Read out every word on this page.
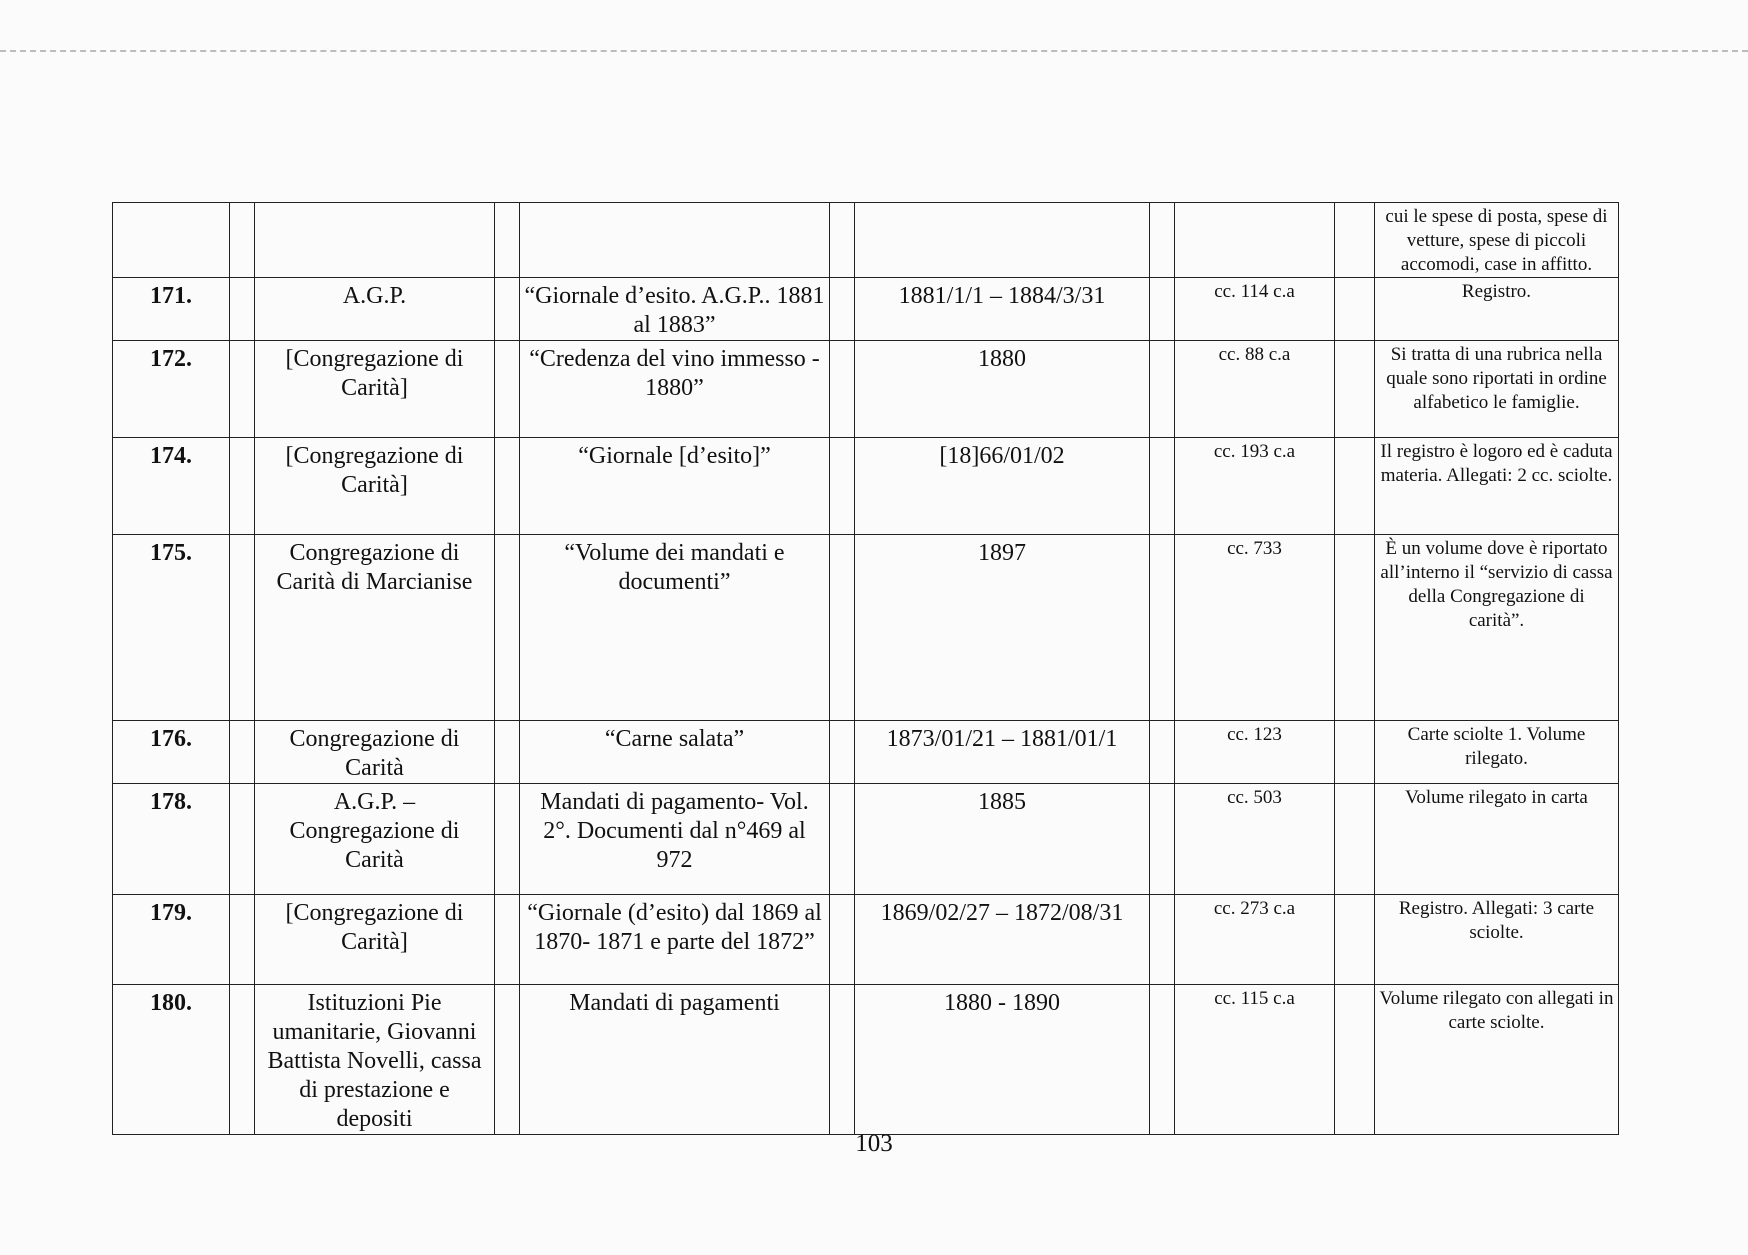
										cui le spese di posta, spese di vetture, spese di piccoli accomodi, case in affitto.
171.		A.G.P.		“Giornale d’esito. A.G.P.. 1881 al 1883”		1881/1/1 – 1884/3/31		cc. 114 c.a		Registro.
172.		[Congregazione di Carità]		“Credenza del vino immesso - 1880”		1880		cc. 88 c.a		Si tratta di una rubrica nella quale sono riportati in ordine alfabetico le famiglie.
174.		[Congregazione di Carità]		“Giornale [d’esito]”		[18]66/01/02		cc. 193 c.a		Il registro è logoro ed è caduta materia. Allegati: 2 cc. sciolte.
175.		Congregazione di Carità di Marcianise		“Volume dei mandati e documenti”		1897		cc. 733		È un volume dove è riportato all’interno il “servizio di cassa della Congregazione di carità”.
176.		Congregazione di Carità		“Carne salata”		1873/01/21 – 1881/01/1		cc. 123		Carte sciolte 1. Volume rilegato.
178.		A.G.P. – Congregazione di Carità		Mandati di pagamento- Vol. 2°. Documenti dal n°469 al 972		1885		cc. 503		Volume rilegato in carta
179.		[Congregazione di Carità]		“Giornale (d’esito) dal 1869 al 1870- 1871 e parte del 1872”		1869/02/27 – 1872/08/31		cc. 273 c.a		Registro. Allegati: 3 carte sciolte.
180.		Istituzioni Pie umanitarie, Giovanni Battista Novelli, cassa di prestazione e depositi		Mandati di pagamenti		1880 - 1890		cc. 115 c.a		Volume rilegato con allegati in carte sciolte.
103
